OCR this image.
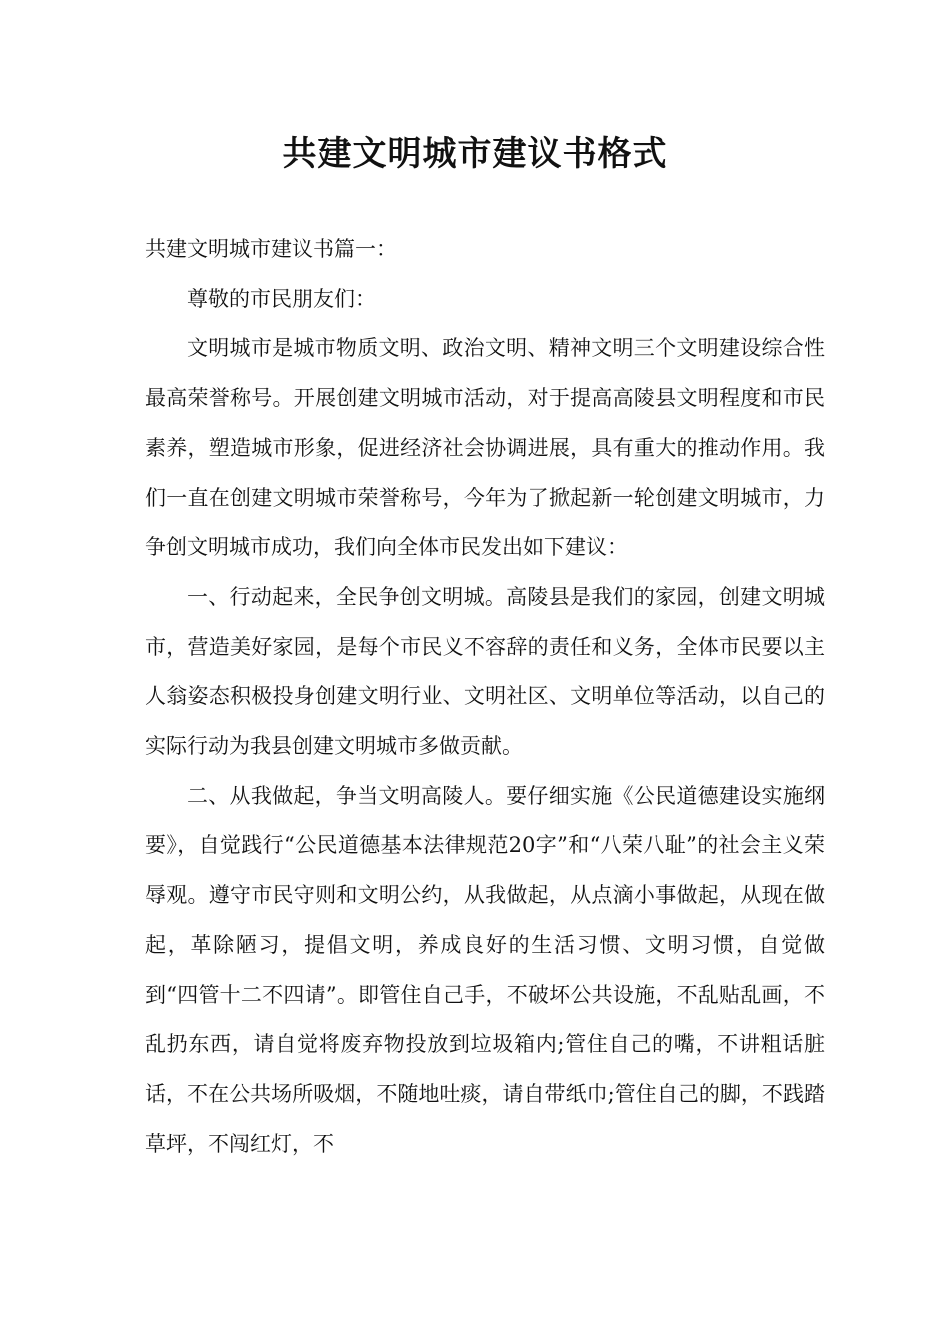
共建文明城市建议书格式

共建文明城市建议书篇一：

尊敬的市民朋友们：

文明城市是城市物质文明、政治文明、精神文明三个文明建设综合性最高荣誉称号。开展创建文明城市活动，对于提高高陵县文明程度和市民素养，塑造城市形象，促进经济社会协调进展，具有重大的推动作用。我们一直在创建文明城市荣誉称号，今年为了掀起新一轮创建文明城市，力争创文明城市成功，我们向全体市民发出如下建议：

一、行动起来，全民争创文明城。高陵县是我们的家园，创建文明城市，营造美好家园，是每个市民义不容辞的责任和义务，全体市民要以主人翁姿态积极投身创建文明行业、文明社区、文明单位等活动，以自己的实际行动为我县创建文明城市多做贡献。

二、从我做起，争当文明高陵人。要仔细实施《公民道德建设实施纲要》，自觉践行“公民道德基本法律规范20字”和“八荣八耻”的社会主义荣辱观。遵守市民守则和文明公约，从我做起，从点滴小事做起，从现在做起，革除陋习，提倡文明，养成良好的生活习惯、文明习惯，自觉做到“四管十二不四请”。即管住自己手，不破坏公共设施，不乱贴乱画，不乱扔东西，请自觉将废弃物投放到垃圾箱内;管住自己的嘴，不讲粗话脏话，不在公共场所吸烟，不随地吐痰，请自带纸巾;管住自己的脚，不践踏草坪，不闯红灯，不
